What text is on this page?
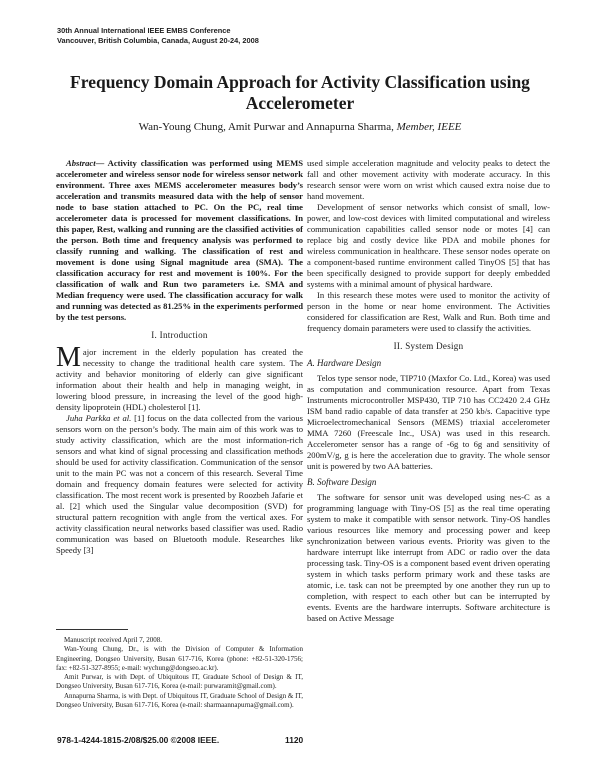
30th Annual International IEEE EMBS Conference
Vancouver, British Columbia, Canada, August 20-24, 2008
Frequency Domain Approach for Activity Classification using
Accelerometer
Wan-Young Chung, Amit Purwar and Annapurna Sharma, Member, IEEE

Abstract— Activity classification was performed using MEMS accelerometer and wireless sensor node for wireless sensor network environment. Three axes MEMS accelerometer measures body’s acceleration and transmits measured data with the help of sensor node to base station attached to PC. On the PC, real time accelerometer data is processed for movement classifications. In this paper, Rest, walking and running are the classified activities of the person. Both time and frequency analysis was performed to classify running and walking. The classification of rest and movement is done using Signal magnitude area (SMA). The classification accuracy for rest and movement is 100%. For the classification of walk and Run two parameters i.e. SMA and Median frequency were used. The classification accuracy for walk and running was detected as 81.25% in the experiments performed by the test persons.

I. Introduction

Major increment in the elderly population has created the necessity to change the traditional health care system. The activity and behavior monitoring of elderly can give significant information about their health and help in managing weight, in lowering blood pressure, in increasing the level of the good high-density lipoprotein (HDL) cholesterol [1].

Juha Parkka et al. [1] focus on the data collected from the various sensors worn on the person’s body. The main aim of this work was to study activity classification, which are the most information-rich sensors and what kind of signal processing and classification methods should be used for activity classification. Communication of the sensor unit to the main PC was not a concern of this research. Several Time domain and frequency domain features were selected for activity classification. The most recent work is presented by Roozbeh Jafarie et al. [2] which used the Singular value decomposition (SVD) for structural pattern recognition with angle from the vertical axes. For activity classification neural networks based classifier was used. Radio communication was based on Bluetooth module. Researches like Speedy [3]

Manuscript received April 7, 2008.

Wan-Young Chung, Dr., is with the Division of Computer & Information Engineering, Dongseo University, Busan 617-716, Korea (phone: +82-51-320-1756; fax: +82-51-327-8955; e-mail: wychung@dongseo.ac.kr).

Amit Purwar, is with Dept. of Ubiquitous IT, Graduate School of Design & IT, Dongseo University, Busan 617-716, Korea (e-mail: purwaramit@gmail.com).

Annapurna Sharma, is with Dept. of Ubiquitous IT, Graduate School of Design & IT, Dongseo University, Busan 617-716, Korea (e-mail: sharmaannapurna@gmail.com).

used simple acceleration magnitude and velocity peaks to detect the fall and other movement activity with moderate accuracy. In this research sensor were worn on wrist which caused extra noise due to hand movement.

Development of sensor networks which consist of small, low-power, and low-cost devices with limited computational and wireless communication capabilities called sensor node or motes [4] can replace big and costly device like PDA and mobile phones for wireless communication in healthcare. These sensor nodes operate on a component-based runtime environment called TinyOS [5] that has been specifically designed to provide support for deeply embedded systems with a minimal amount of physical hardware.

In this research these motes were used to monitor the activity of person in the home or near home environment. The Activities considered for classification are Rest, Walk and Run. Both time and frequency domain parameters were used to classify the activities.

II. System Design
A. Hardware Design

Telos type sensor node, TIP710 (Maxfor Co. Ltd., Korea) was used as computation and communication resource. Apart from Texas Instruments microcontroller MSP430, TIP 710 has CC2420 2.4 GHz ISM band radio capable of data transfer at 250 kb/s. Capacitive type Microelectromechanical Sensors (MEMS) triaxial accelerometer MMA 7260 (Freescale Inc., USA) was used in this research. Accelerometer sensor has a range of -6g to 6g and sensitivity of 200mV/g, g is here the acceleration due to gravity. The whole sensor unit is powered by two AA batteries.

B. Software Design

The software for sensor unit was developed using nes-C as a programming language with Tiny-OS [5] as the real time operating system to make it compatible with sensor network. Tiny-OS handles various resources like memory and processing power and keep synchronization between various events. Priority was given to the hardware interrupt like interrupt from ADC or radio over the data processing task. Tiny-OS is a component based event driven operating system in which tasks perform primary work and these tasks are atomic, i.e. task can not be preempted by one another they run up to completion, with respect to each other but can be interrupted by events. Events are the hardware interrupts. Software architecture is based on Active Message

978-1-4244-1815-2/08/$25.00 ©2008 IEEE.	1120
